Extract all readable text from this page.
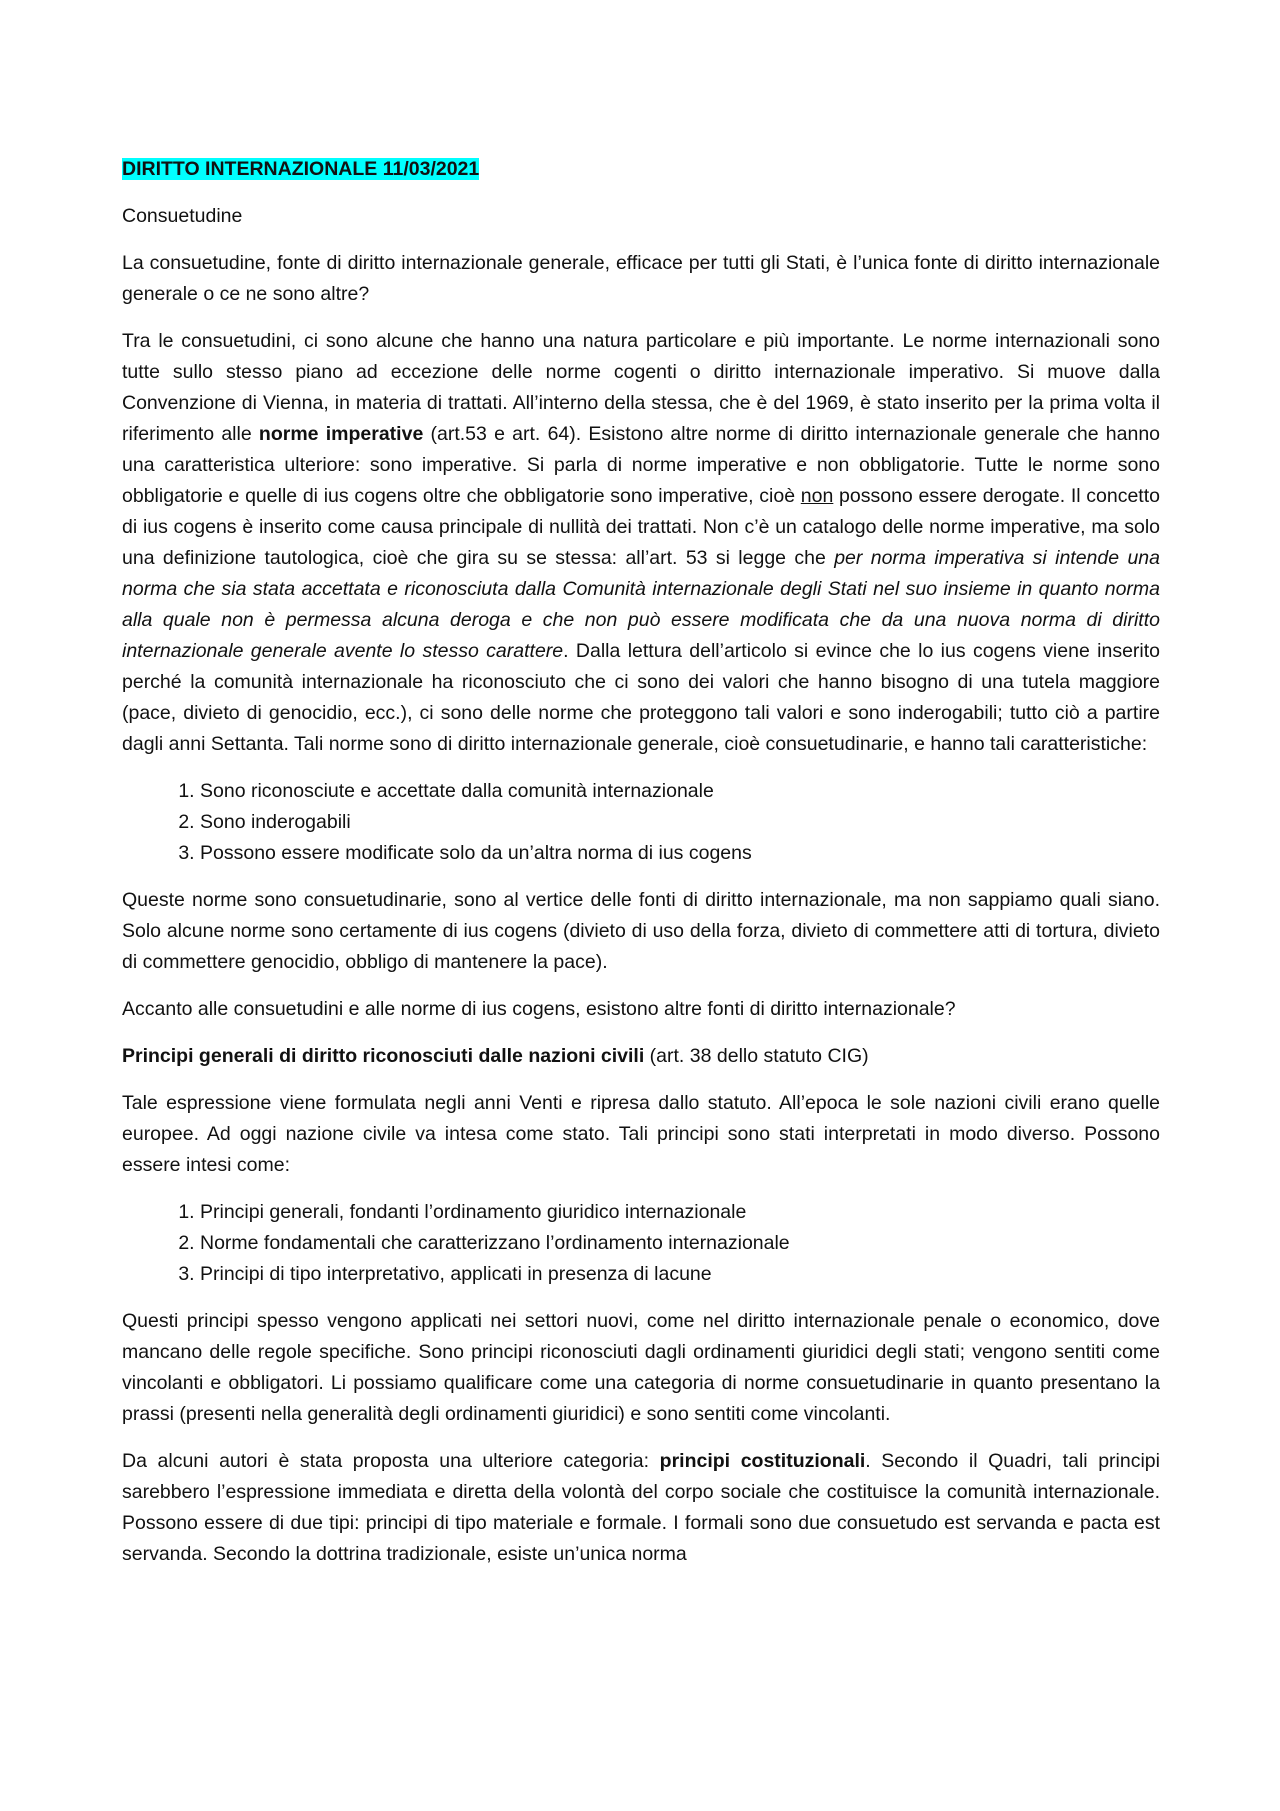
DIRITTO INTERNAZIONALE 11/03/2021

Consuetudine

La consuetudine, fonte di diritto internazionale generale, efficace per tutti gli Stati, è l’unica fonte di diritto internazionale generale o ce ne sono altre?

Tra le consuetudini, ci sono alcune che hanno una natura particolare e più importante. Le norme internazionali sono tutte sullo stesso piano ad eccezione delle norme cogenti o diritto internazionale imperativo. Si muove dalla Convenzione di Vienna, in materia di trattati. All’interno della stessa, che è del 1969, è stato inserito per la prima volta il riferimento alle norme imperative (art.53 e art. 64). Esistono altre norme di diritto internazionale generale che hanno una caratteristica ulteriore: sono imperative. Si parla di norme imperative e non obbligatorie. Tutte le norme sono obbligatorie e quelle di ius cogens oltre che obbligatorie sono imperative, cioè non possono essere derogate. Il concetto di ius cogens è inserito come causa principale di nullità dei trattati. Non c’è un catalogo delle norme imperative, ma solo una definizione tautologica, cioè che gira su se stessa: all’art. 53 si legge che per norma imperativa si intende una norma che sia stata accettata e riconosciuta dalla Comunità internazionale degli Stati nel suo insieme in quanto norma alla quale non è permessa alcuna deroga e che non può essere modificata che da una nuova norma di diritto internazionale generale avente lo stesso carattere. Dalla lettura dell’articolo si evince che lo ius cogens viene inserito perché la comunità internazionale ha riconosciuto che ci sono dei valori che hanno bisogno di una tutela maggiore (pace, divieto di genocidio, ecc.), ci sono delle norme che proteggono tali valori e sono inderogabili; tutto ciò a partire dagli anni Settanta. Tali norme sono di diritto internazionale generale, cioè consuetudinarie, e hanno tali caratteristiche:

1. Sono riconosciute e accettate dalla comunità internazionale
2. Sono inderogabili
3. Possono essere modificate solo da un’altra norma di ius cogens

Queste norme sono consuetudinarie, sono al vertice delle fonti di diritto internazionale, ma non sappiamo quali siano. Solo alcune norme sono certamente di ius cogens (divieto di uso della forza, divieto di commettere atti di tortura, divieto di commettere genocidio, obbligo di mantenere la pace).

Accanto alle consuetudini e alle norme di ius cogens, esistono altre fonti di diritto internazionale?

Principi generali di diritto riconosciuti dalle nazioni civili (art. 38 dello statuto CIG)

Tale espressione viene formulata negli anni Venti e ripresa dallo statuto. All’epoca le sole nazioni civili erano quelle europee. Ad oggi nazione civile va intesa come stato. Tali principi sono stati interpretati in modo diverso. Possono essere intesi come:

1. Principi generali, fondanti l’ordinamento giuridico internazionale
2. Norme fondamentali che caratterizzano l’ordinamento internazionale
3. Principi di tipo interpretativo, applicati in presenza di lacune

Questi principi spesso vengono applicati nei settori nuovi, come nel diritto internazionale penale o economico, dove mancano delle regole specifiche. Sono principi riconosciuti dagli ordinamenti giuridici degli stati; vengono sentiti come vincolanti e obbligatori. Li possiamo qualificare come una categoria di norme consuetudinarie in quanto presentano la prassi (presenti nella generalità degli ordinamenti giuridici) e sono sentiti come vincolanti.

Da alcuni autori è stata proposta una ulteriore categoria: principi costituzionali. Secondo il Quadri, tali principi sarebbero l’espressione immediata e diretta della volontà del corpo sociale che costituisce la comunità internazionale. Possono essere di due tipi: principi di tipo materiale e formale. I formali sono due consuetudo est servanda e pacta est servanda. Secondo la dottrina tradizionale, esiste un’unica norma
